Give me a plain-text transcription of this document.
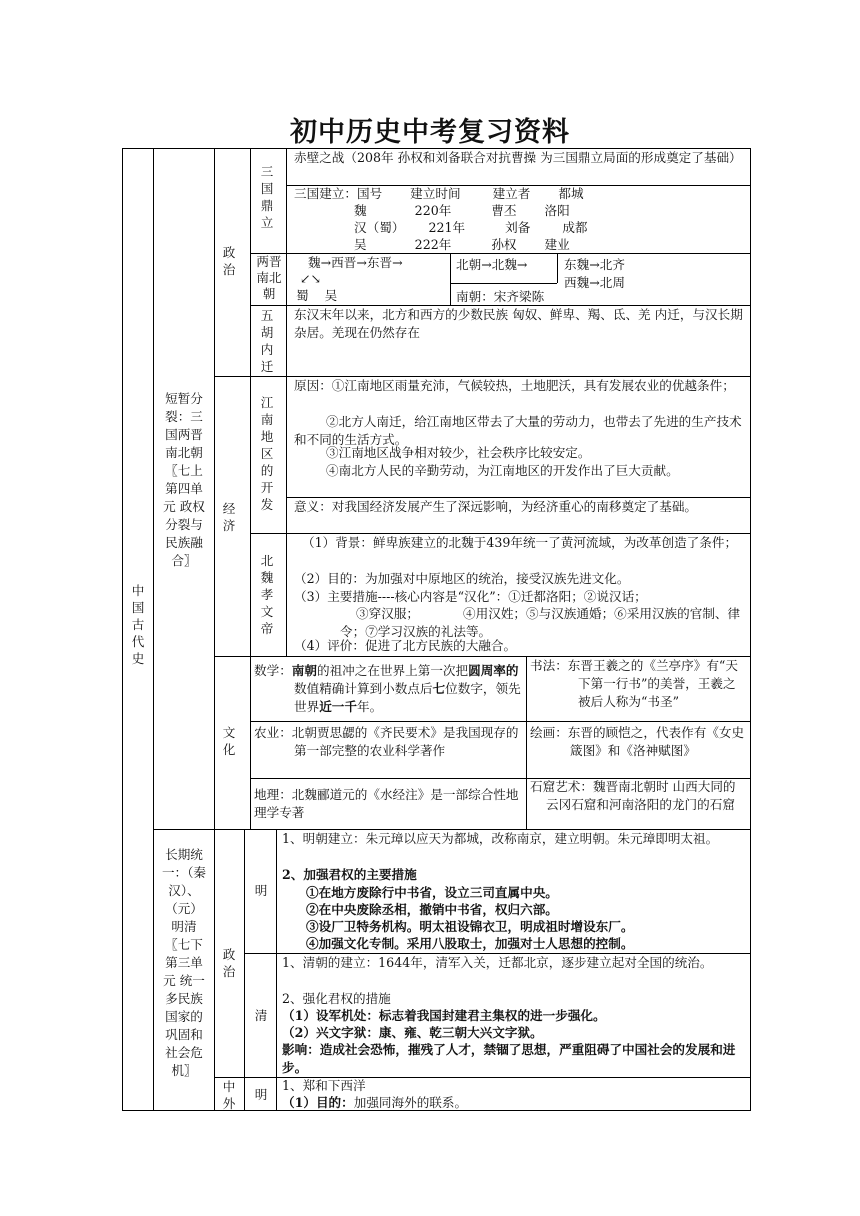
初中历史中考复习资料
中国古代史
短暂分裂：三国两晋南北朝〖七上第四单元 政权分裂与民族融合〗
政治
三国鼎立
赤壁之战（208年 孙权和刘备联合对抗曹操 为三国鼎立局面的形成奠定了基础）
三国建立：国号       建立时间        建立者       都城
魏            220年          曹丕       洛阳
汉（蜀）      221年          刘备        成都
吴            222年          孙权       建业
两晋南北朝
魏→西晋→东晋→
↙↘
蜀    吴
北朝→北魏→
南朝：宋齐梁陈
东魏→北齐
西魏→北周
五胡内迁
东汉末年以来，北方和西方的少数民族 匈奴、鲜卑、羯、氐、羌 内迁，与汉长期杂居。羌现在仍然存在
经济
江南地区的开发
原因：①江南地区雨量充沛，气候较热，土地肥沃，具有发展农业的优越条件；
②北方人南迁，给江南地区带去了大量的劳动力，也带去了先进的生产技术和不同的生活方式。
③江南地区战争相对较少，社会秩序比较安定。
④南北方人民的辛勤劳动，为江南地区的开发作出了巨大贡献。
意义：对我国经济发展产生了深远影响，为经济重心的南移奠定了基础。
北魏孝文帝
（1）背景：鲜卑族建立的北魏于439年统一了黄河流域，为改革创造了条件；
（2）目的：为加强对中原地区的统治，接受汉族先进文化。
（3）主要措施----核心内容是“汉化”：①迁都洛阳；②说汉话；
③穿汉服；           ④用汉姓；⑤与汉族通婚；⑥采用汉族的官制、律令；⑦学习汉族的礼法等。
（4）评价：促进了北方民族的大融合。
文化
数学：南朝的祖冲之在世界上第一次把圆周率的数值精确计算到小数点后七位数字，领先世界近一千年。
书法：东晋王羲之的《兰亭序》有“天下第一行书”的美誉，王羲之被后人称为“书圣”
农业：北朝贾思勰的《齐民要术》是我国现存的第一部完整的农业科学著作
绘画：东晋的顾恺之，代表作有《女史箴图》和《洛神赋图》
地理：北魏郦道元的《水经注》是一部综合性地理学专著
石窟艺术：魏晋南北朝时 山西大同的云冈石窟和河南洛阳的龙门的石窟
长期统一：（秦汉）、（元）明清〖七下第三单元 统一多民族国家的巩固和社会危机〗
政治
明
1、明朝建立：朱元璋以应天为都城，改称南京，建立明朝。朱元璋即明太祖。
2、加强君权的主要措施
①在地方废除行中书省，设立三司直属中央。
②在中央废除丞相，撤销中书省，权归六部。
③设厂卫特务机构。明太祖设锦衣卫，明成祖时增设东厂。
④加强文化专制。采用八股取士，加强对士人思想的控制。
清
1、清朝的建立：1644年，清军入关，迁都北京，逐步建立起对全国的统治。
2、强化君权的措施
（1）设军机处：标志着我国封建君主集权的进一步强化。
（2）兴文字狱：康、雍、乾三朝大兴文字狱。
影响：造成社会恐怖，摧残了人才，禁锢了思想，严重阻碍了中国社会的发展和进步。
中外
明
1、郑和下西洋
（1）目的：加强同海外的联系。
